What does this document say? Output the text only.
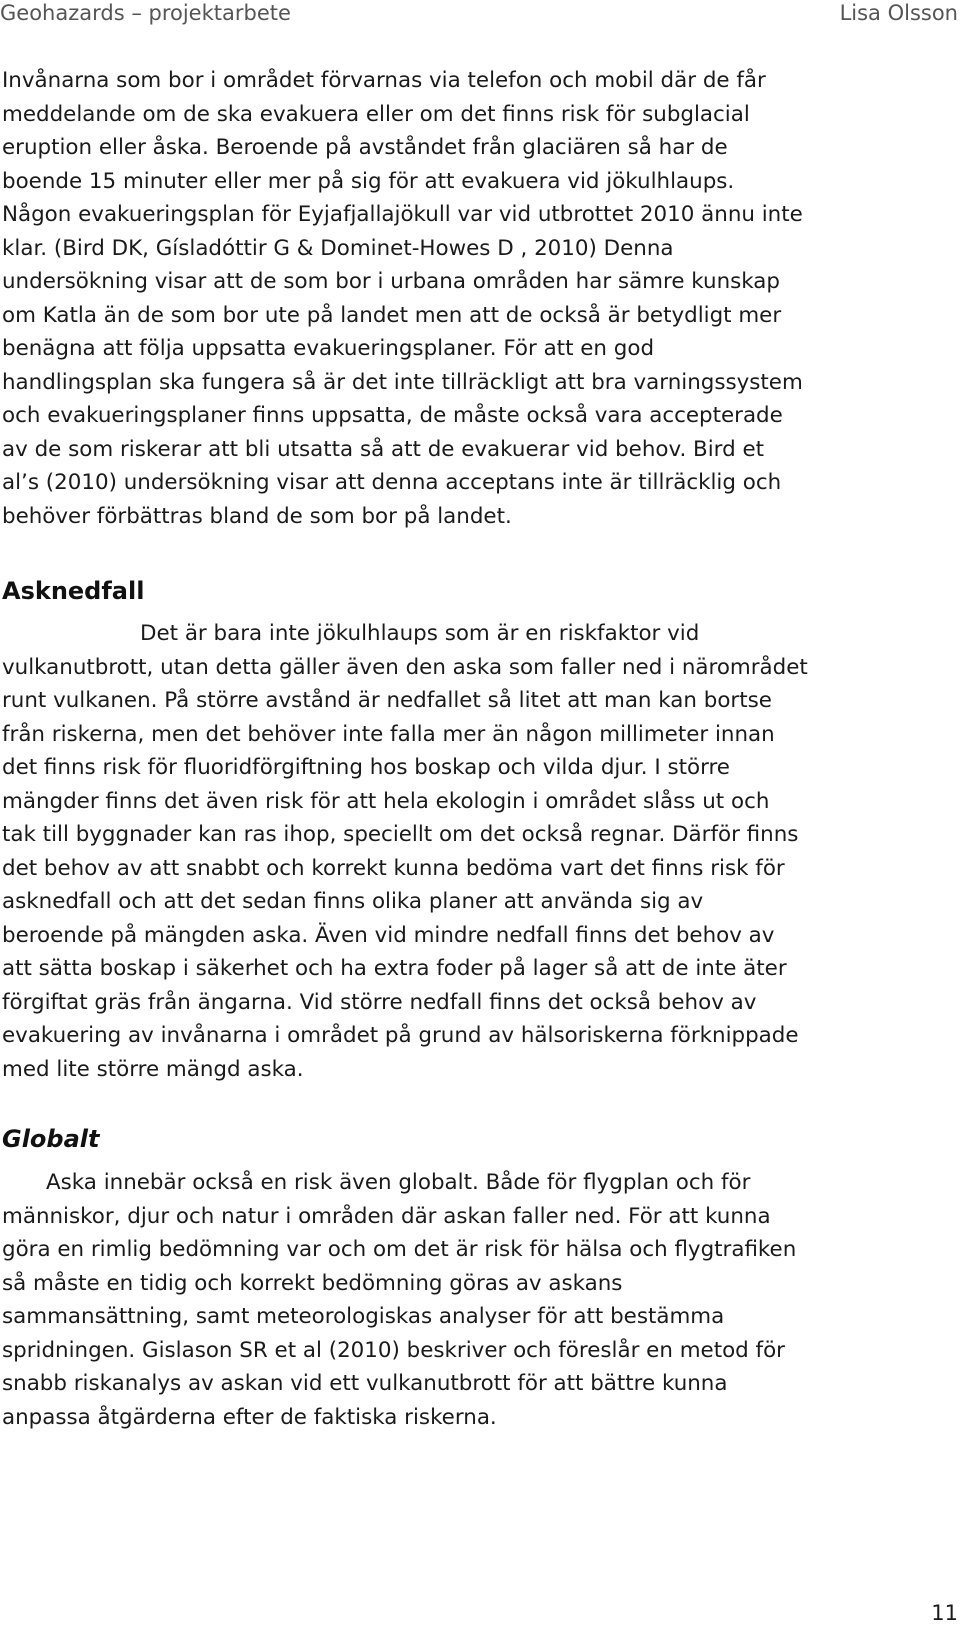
Geohazards – projektarbete	Lisa Olsson
Invånarna som bor i området förvarnas via telefon och mobil där de får
meddelande om de ska evakuera eller om det finns risk för subglacial
eruption eller åska. Beroende på avståndet från glaciären så har de
boende 15 minuter eller mer på sig för att evakuera vid jökulhlaups.
Någon evakueringsplan för Eyjafjallajökull var vid utbrottet 2010 ännu inte
klar. (Bird DK, Gísladóttir G & Dominet-Howes D , 2010) Denna
undersökning visar att de som bor i urbana områden har sämre kunskap
om Katla än de som bor ute på landet men att de också är betydligt mer
benägna att följa uppsatta evakueringsplaner. För att en god
handlingsplan ska fungera så är det inte tillräckligt att bra varningssystem
och evakueringsplaner finns uppsatta, de måste också vara accepterade
av de som riskerar att bli utsatta så att de evakuerar vid behov. Bird et
al’s (2010) undersökning visar att denna acceptans inte är tillräcklig och
behöver förbättras bland de som bor på landet.
Asknedfall
Det är bara inte jökulhlaups som är en riskfaktor vid
vulkanutbrott, utan detta gäller även den aska som faller ned i närområdet
runt vulkanen. På större avstånd är nedfallet så litet att man kan bortse
från riskerna, men det behöver inte falla mer än någon millimeter innan
det finns risk för fluoridförgiftning hos boskap och vilda djur. I större
mängder finns det även risk för att hela ekologin i området slåss ut och
tak till byggnader kan ras ihop, speciellt om det också regnar. Därför finns
det behov av att snabbt och korrekt kunna bedöma vart det finns risk för
asknedfall och att det sedan finns olika planer att använda sig av
beroende på mängden aska. Även vid mindre nedfall finns det behov av
att sätta boskap i säkerhet och ha extra foder på lager så att de inte äter
förgiftat gräs från ängarna. Vid större nedfall finns det också behov av
evakuering av invånarna i området på grund av hälsoriskerna förknippade
med lite större mängd aska.
Globalt
Aska innebär också en risk även globalt. Både för flygplan och för
människor, djur och natur i områden där askan faller ned. För att kunna
göra en rimlig bedömning var och om det är risk för hälsa och flygtrafiken
så måste en tidig och korrekt bedömning göras av askans
sammansättning, samt meteorologiskas analyser för att bestämma
spridningen. Gislason SR et al (2010) beskriver och föreslår en metod för
snabb riskanalys av askan vid ett vulkanutbrott för att bättre kunna
anpassa åtgärderna efter de faktiska riskerna.
11
